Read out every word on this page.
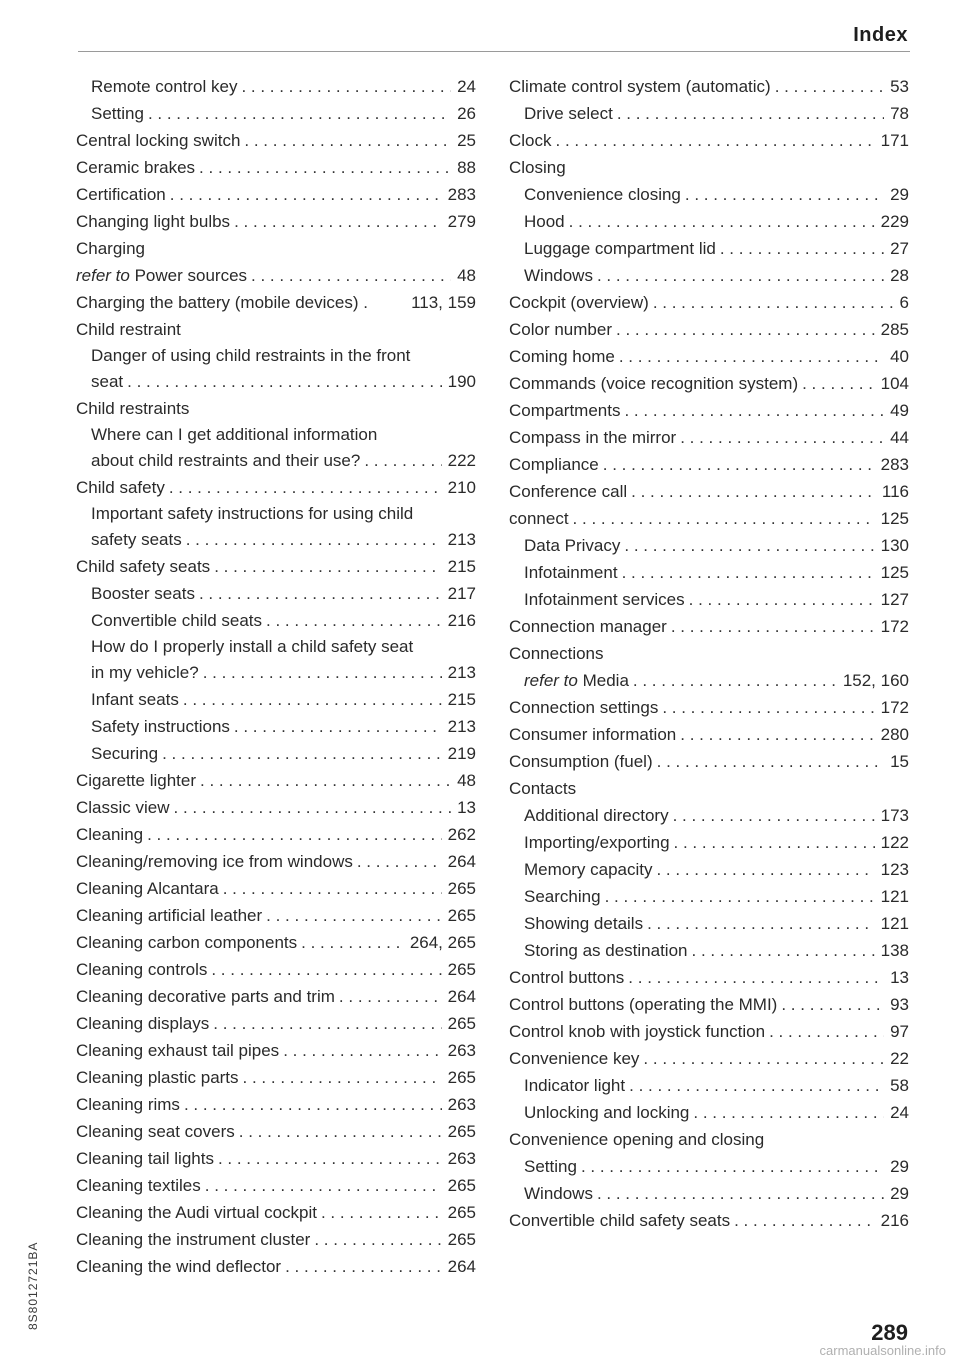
Index
Remote control key . . .	24
Setting . . .	26
Central locking switch . . .	25
Ceramic brakes . . .	88
Certification . . .	283
Changing light bulbs . . .	279
Charging
refer to Power sources . . .	48
Charging the battery (mobile devices) .	113, 159
Child restraint
Danger of using child restraints in the front
seat . . .	190
Child restraints
Where can I get additional information
about child restraints and their use? . . .	222
Child safety . . .	210
Important safety instructions for using child
safety seats . . .	213
Child safety seats . . .	215
Booster seats . . .	217
Convertible child seats . . .	216
How do I properly install a child safety seat
in my vehicle? . . .	213
Infant seats . . .	215
Safety instructions . . .	213
Securing . . .	219
Cigarette lighter . . .	48
Classic view . . .	13
Cleaning . . .	262
Cleaning/removing ice from windows . . .	264
Cleaning Alcantara . . .	265
Cleaning artificial leather . . .	265
Cleaning carbon components . . .	264, 265
Cleaning controls . . .	265
Cleaning decorative parts and trim . . .	264
Cleaning displays . . .	265
Cleaning exhaust tail pipes . . .	263
Cleaning plastic parts . . .	265
Cleaning rims . . .	263
Cleaning seat covers . . .	265
Cleaning tail lights . . .	263
Cleaning textiles . . .	265
Cleaning the Audi virtual cockpit . . .	265
Cleaning the instrument cluster . . .	265
Cleaning the wind deflector . . .	264
Climate control system (automatic) . . .	53
Drive select . . .	78
Clock . . .	171
Closing
Convenience closing . . .	29
Hood . . .	229
Luggage compartment lid . . .	27
Windows . . .	28
Cockpit (overview) . . .	6
Color number . . .	285
Coming home . . .	40
Commands (voice recognition system) . . .	104
Compartments . . .	49
Compass in the mirror . . .	44
Compliance . . .	283
Conference call . . .	116
connect . . .	125
Data Privacy . . .	130
Infotainment . . .	125
Infotainment services . . .	127
Connection manager . . .	172
Connections
refer to Media . . .	152, 160
Connection settings . . .	172
Consumer information . . .	280
Consumption (fuel) . . .	15
Contacts
Additional directory . . .	173
Importing/exporting . . .	122
Memory capacity . . .	123
Searching . . .	121
Showing details . . .	121
Storing as destination . . .	138
Control buttons . . .	13
Control buttons (operating the MMI) . . .	93
Control knob with joystick function . . .	97
Convenience key . . .	22
Indicator light . . .	58
Unlocking and locking . . .	24
Convenience opening and closing
Setting . . .	29
Windows . . .	29
Convertible child safety seats . . .	216
8S8012721BA
289
carmanualsonline.info
